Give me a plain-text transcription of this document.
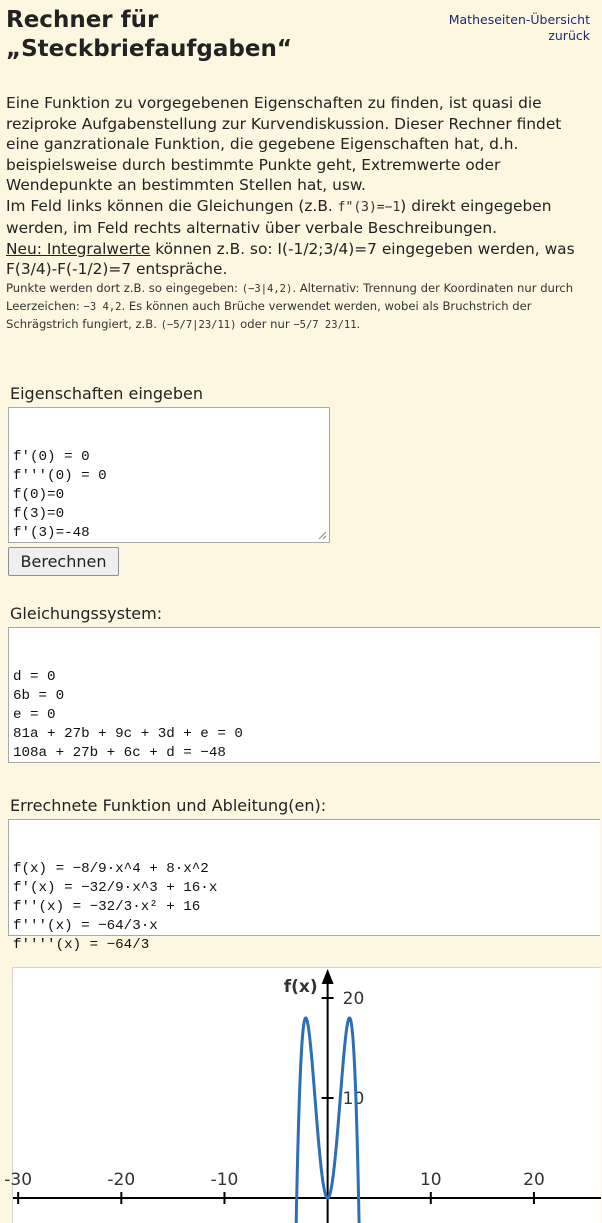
Rechner für
„Steckbriefaufgaben“
Matheseiten-Übersicht
zurück

Eine Funktion zu vorgegebenen Eigenschaften zu finden, ist quasi die reziproke Aufgabenstellung zur Kurvendiskussion. Dieser Rechner findet eine ganzrationale Funktion, die gegebene Eigenschaften hat, d.h. beispielsweise durch bestimmte Punkte geht, Extremwerte oder Wendepunkte an bestimmten Stellen hat, usw.

Im Feld links können die Gleichungen (z.B. f"(3)=−1) direkt eingegeben werden, im Feld rechts alternativ über verbale Beschreibungen.

Neu: Integralwerte können z.B. so: I(-1/2;3/4)=7 eingegeben werden, was F(3/4)-F(-1/2)=7 entspräche.

Punkte werden dort z.B. so eingegeben: (−3|4,2). Alternativ: Trennung der Koordinaten nur durch Leerzeichen: −3 4,2. Es können auch Brüche verwendet werden, wobei als Bruchstrich der Schrägstrich fungiert, z.B. (−5/7|23/11) oder nur −5/7 23/11.

Eigenschaften eingeben

f'(0) = 0
f'''(0) = 0
f(0)=0
f(3)=0
f'(3)=-48

Berechnen
Gleichungssystem:

d = 0
6b = 0
e = 0
81a + 27b + 9c + 3d + e = 0
108a + 27b + 6c + d = −48

Errechnete Funktion und Ableitung(en):

f(x) = −8/9·x^4 + 8·x^2
f'(x) = −32/9·x^3 + 16·x
f''(x) = −32/3·x² + 16
f'''(x) = −64/3·x
f''''(x) = −64/3

-30	-20	-10	10	20
10
20
f(x)
